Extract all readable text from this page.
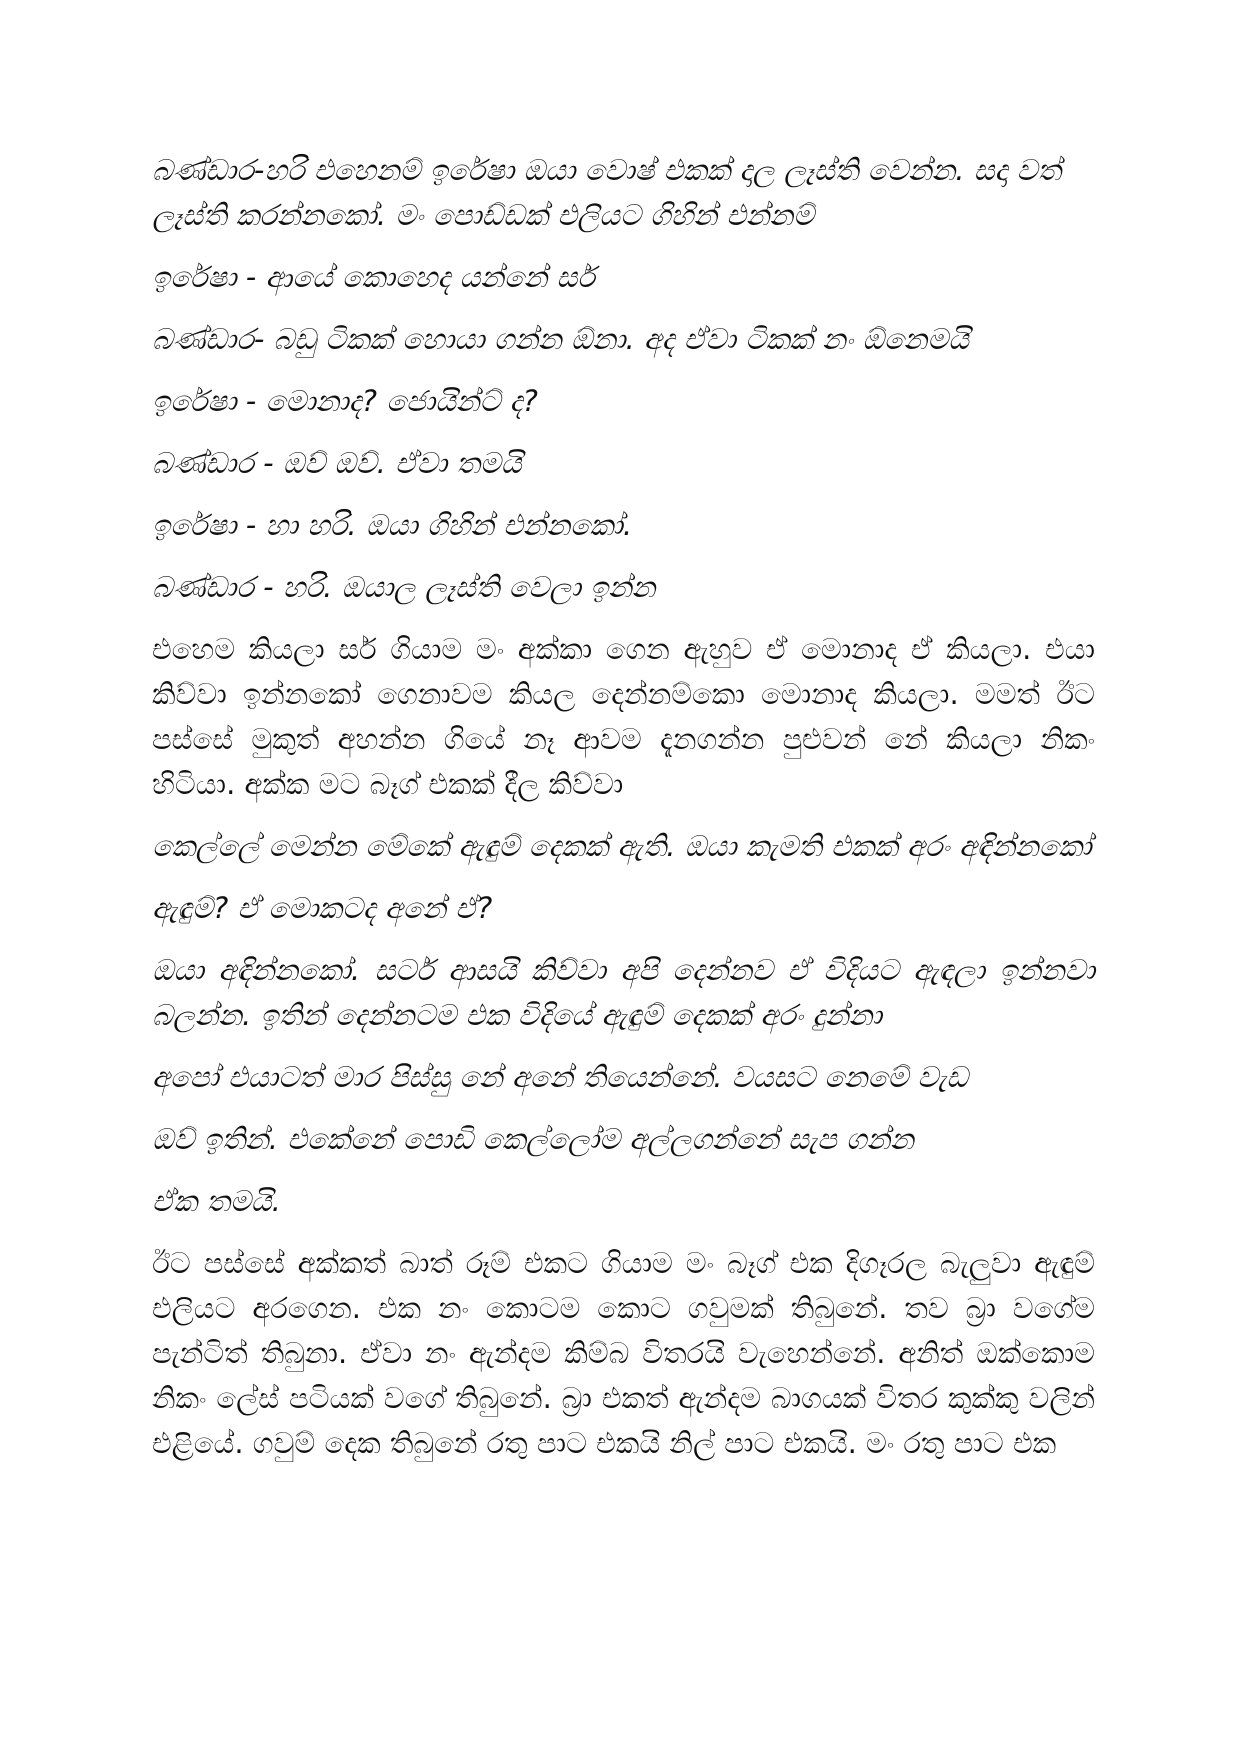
බණ්ඩාර-හරි එහෙනම් ඉරේෂා ඔයා වොෂ් එකක් දාල ලෑස්ති වෙන්න. සදා වත් ලෑස්ති කරන්නකෝ. මං පොඩ්ඩක් එලියට ගිහින් එන්නම්

ඉරේෂා - ආයේ කොහෙද යන්නේ සර්

බණ්ඩාර- බඩු ටිකක් හොයා ගන්න ඕනා. අද ඒවා ටිකක් නං ඕනෙමයි

ඉරේෂා - මොනාද? ජොයින්ට් ද?

බණ්ඩාර - ඔව් ඔව්. ඒවා තමයි

ඉරේෂා - හා හරි. ඔයා ගිහින් එන්නකෝ.

බණ්ඩාර - හරි. ඔයාල ලෑස්ති වෙලා ඉන්න

එහෙම කියලා සර් ගියාම මං අක්කා ගෙන ඇහුව ඒ මොනාද ඒ කියලා. එයා කිව්වා ඉන්නකෝ ගෙනාවම කියල දෙන්නම්කො මොනාද කියලා. මමත් ඊට පස්සේ මුකුත් අහන්න ගියේ නෑ ආවම දැනගන්න පුළුවන් නේ කියලා නිකං හිටියා. අක්ක මට බෑග් එකක් දීල කිව්වා

කෙල්ලේ මෙන්න මේකේ ඇඳුම් දෙකක් ඇති. ඔයා කැමති එකක් අරං අඳින්නකෝ

ඇඳුම්? ඒ මොකටද අනේ ඒ?

ඔයා අඳින්නකෝ. සර්ට ආසයි කිව්වා අපි දෙන්නව ඒ විදියට ඇඳලා ඉන්නවා බලන්න. ඉතින් දෙන්නටම එක විදියේ ඇඳුම් දෙකක් අරං දුන්නා

අපෝ එයාටත් මාර පිස්සු නේ අනේ තියෙන්නේ. වයසට නෙමේ වැඩ

ඔව් ඉතින්. එකේනේ පොඩි කෙල්ලෝම අල්ලගන්නේ සැප ගන්න

ඒක තමයි.

ඊට පස්සේ අක්කත් බාත් රූම් එකට ගියාම මං බෑග් එක දිගෑරල බැලුවා ඇඳුම් එලියට අරගෙන. එක නං කොටම කොට ගවුමක් තිබුනේ. තව බ්‍රා වගේම පැන්ටිත් තිබුනා. ඒවා නං ඇන්දම කිම්බ විතරයි වැහෙන්නේ. අනිත් ඔක්කොම නිකං ලේස් පටියක් වගේ තිබුනේ. බ්‍රා එකත් ඇන්දම බාගයක් විතර කුක්කු වලින් එළියේ. ගවුම් දෙක තිබුනේ රතු පාට එකයි නිල් පාට එකයි. මං රතු පාට එක
